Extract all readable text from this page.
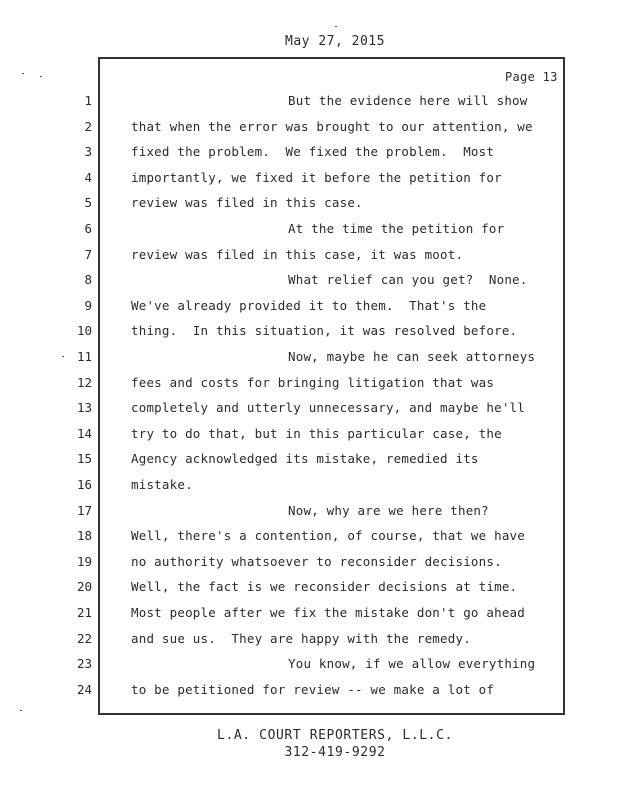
May 27, 2015
Page 13
1	But the evidence here will show
2	that when the error was brought to our attention, we
3	fixed the problem.  We fixed the problem.  Most
4	importantly, we fixed it before the petition for
5	review was filed in this case.
6	At the time the petition for
7	review was filed in this case, it was moot.
8	What relief can you get?  None.
9	We've already provided it to them.  That's the
10	thing.  In this situation, it was resolved before.
11	Now, maybe he can seek attorneys
12	fees and costs for bringing litigation that was
13	completely and utterly unnecessary, and maybe he'll
14	try to do that, but in this particular case, the
15	Agency acknowledged its mistake, remedied its
16	mistake.
17	Now, why are we here then?
18	Well, there's a contention, of course, that we have
19	no authority whatsoever to reconsider decisions.
20	Well, the fact is we reconsider decisions at time.
21	Most people after we fix the mistake don't go ahead
22	and sue us.  They are happy with the remedy.
23	You know, if we allow everything
24	to be petitioned for review -- we make a lot of
L.A. COURT REPORTERS, L.L.C.
312-419-9292
